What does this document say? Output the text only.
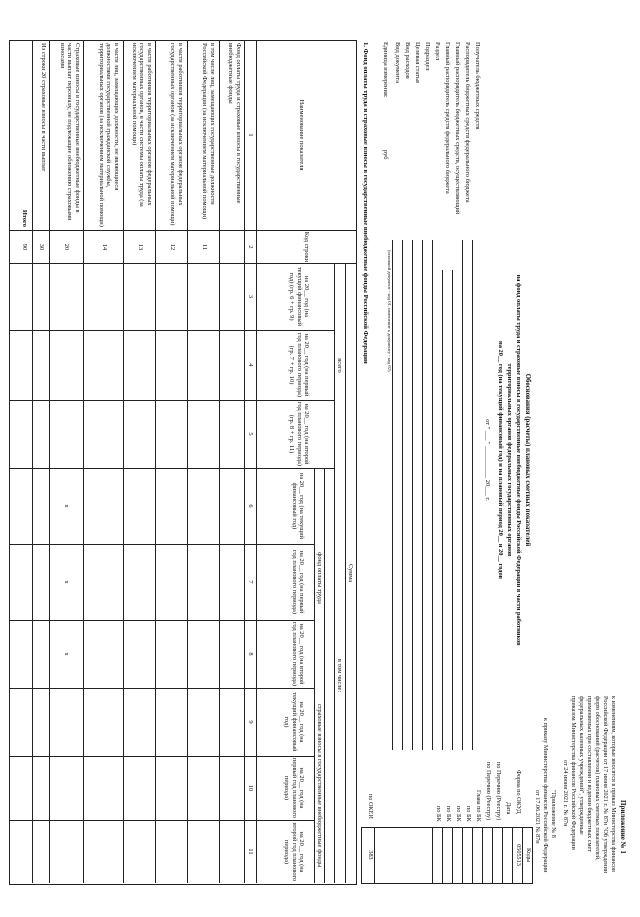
Приложение № 1
к изменениям, которые вносятся в приказ Министерства финансов
Российской Федерации от 17 июня 2021 г. № 87н "Об утверждении
форм обоснований (расчетов) плановых сметных показателей,
применяемых при составлении и ведении бюджетных смет
федеральных казенных учреждений", утвержденные
приказом Министерства финансов Российской Федерации
от 24 июня 2021 г. № 87н
"Приложение № 8
к приказу Министерства финансов Российской Федерации
от 17.06.2021 № 87н
Обоснования (расчеты) плановых сметных показателей
на фонд оплаты труда и страховые взносы в государственные внебюджетные фонды Российской Федерации в части работников
территориальных органов федеральных государственных органов
на 20__ год (на текущий финансовый год) и на плановый период 20__ и 20__ годов
от " ___ " __________ 20___ г.
Коды
0505513
383
Форма по ОКУД
Дата
по Перечню (Реестру)
по Перечню (Реестру)
Глава по БК
по БК
по БК
по БК
по БК
по ОКЕИ
Получатель бюджетных средств
Распорядитель бюджетных средств федерального бюджета
Главный распорядитель бюджетных средств, осуществляющий
Главный распорядитель средств федерального бюджета
Раздел
Подраздел
Целевая статья
Вид расходов
Вид документа
Единица измерения:
руб
(основной документ - код 01, изменение к документу - код 02)
1. Фонд оплаты труда и страховые взносы в государственные внебюджетные фонды Российской Федерации
Наименование показателя
Код строки
Сумма
всего
в том числе:
фонд оплаты труда
страховые взносы в государственные внебюджетные фонды
на 20__ год (на текущий финансовый год) (гр. 6 + гр. 9)
на 20__ год (на первый год планового периода) (гр. 7 + гр. 10)
на 20__ год (на второй год планового периода) (гр. 8 + гр. 11)
на 20__ год (на текущий финансовый год)
на 20__ год (на первый год планового периода)
на 20__ год (на второй год планового периода)
на 20__ год (на текущий финансовый год)
на 20__ год (на первый год планового периода)
на 20__ год (на второй год планового периода)
1
2
3
4
5
6
7
8
9
10
11
Фонд оплаты труда и страховые взносы в государственные внебюджетные фонды
в том числе лиц, замещающих государственные должности Российской Федерации (за исключением материальной помощи)
11
в части работников территориальных органов федеральных государственных органов (за исключением материальной помощи)
12
в части работников территориальных органов федеральных государственных органов, в части системы оплаты труда (за исключением материальной помощи)
13
в части лиц, замещающих должности, не являющиеся должностями государственной гражданской службы, территориальных органов (за исключением материальной помощи)
14
Страховые взносы в государственные внебюджетные фонды в части выплат персоналу, не подлежащие обложению страховыми взносами
20
Из строки 20 страховые взносы в части выплат
30
Итого
90
х
х
х
